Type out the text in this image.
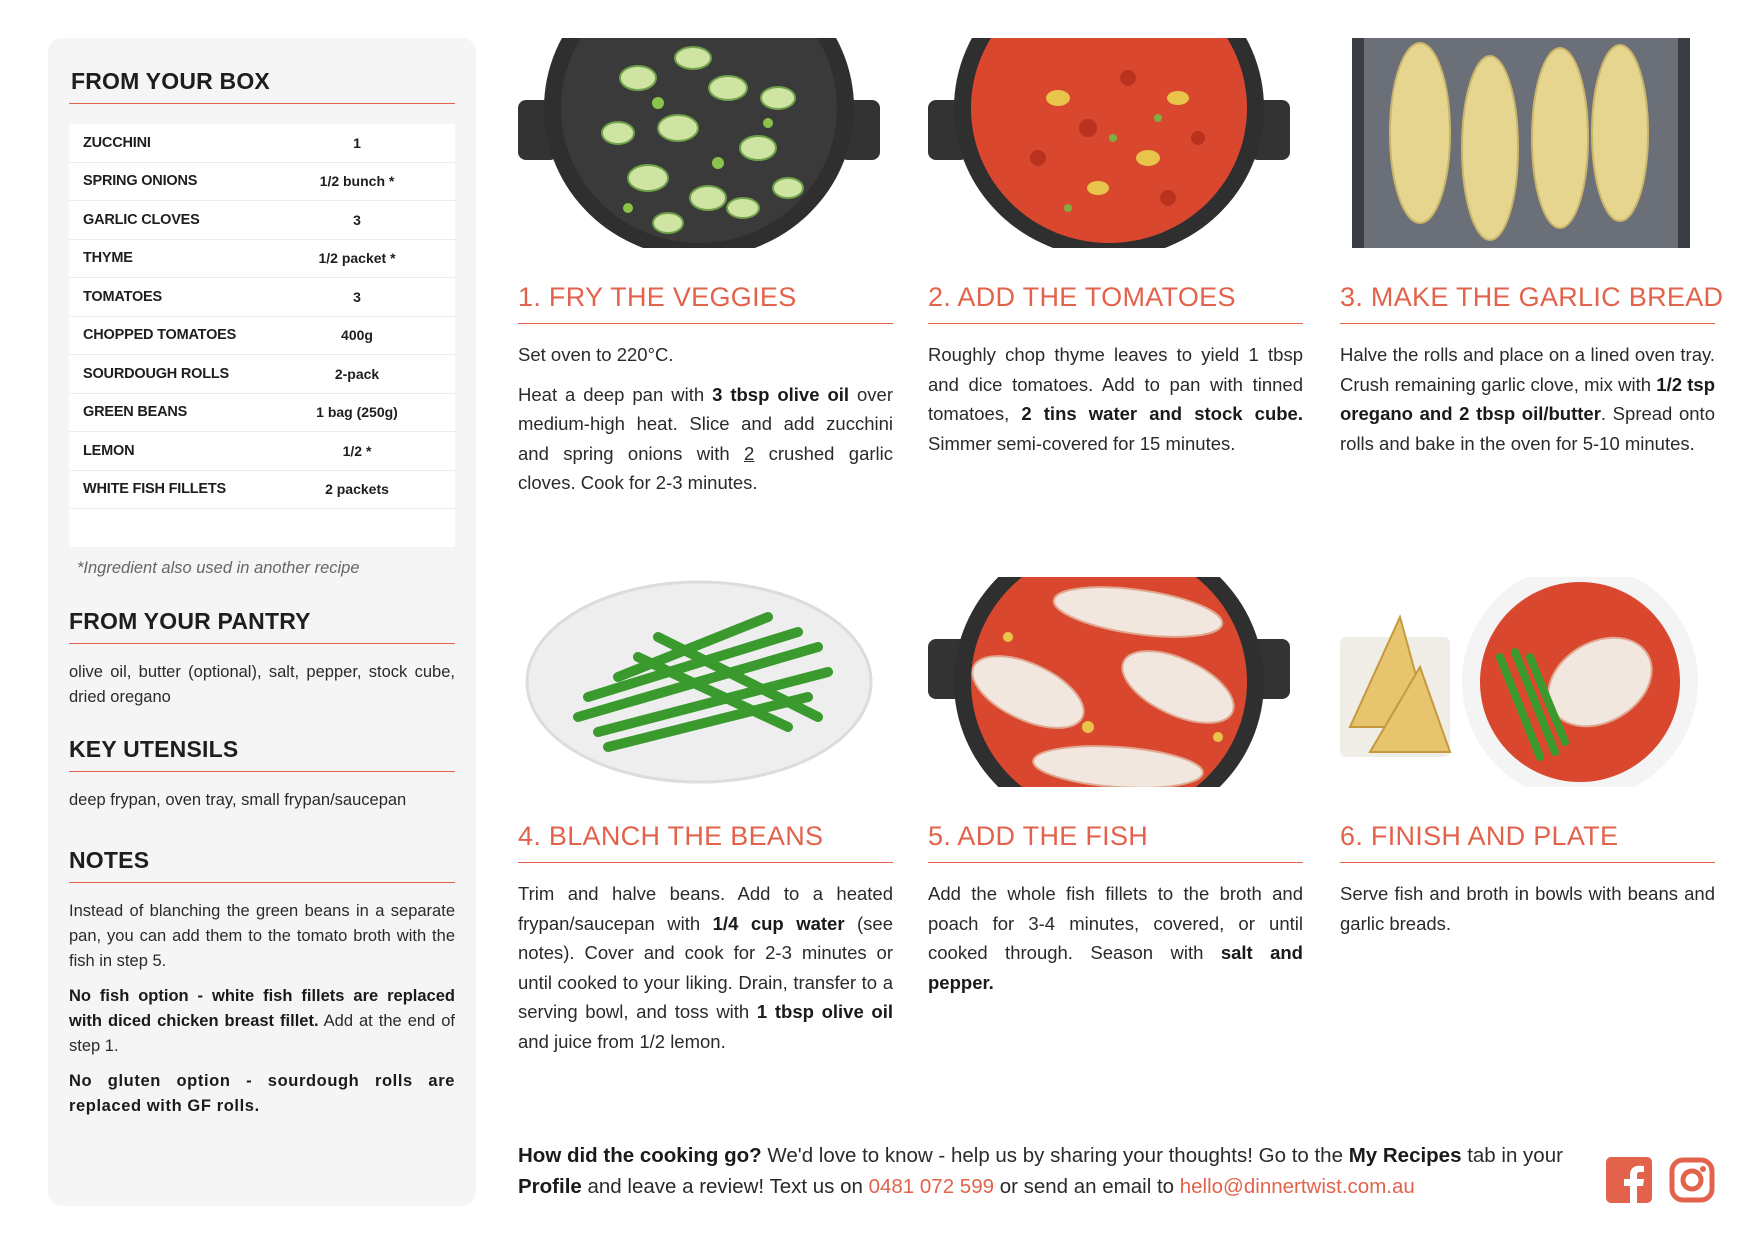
FROM YOUR BOX
ZUCCHINI	1
SPRING ONIONS	1/2 bunch *
GARLIC CLOVES	3
THYME	1/2 packet *
TOMATOES	3
CHOPPED TOMATOES	400g
SOURDOUGH ROLLS	2-pack
GREEN BEANS	1 bag (250g)
LEMON	1/2 *
WHITE FISH FILLETS	2 packets
*Ingredient also used in another recipe
FROM YOUR PANTRY
olive oil, butter (optional), salt, pepper, stock cube, dried oregano
KEY UTENSILS
deep frypan, oven tray, small frypan/saucepan
NOTES

Instead of blanching the green beans in a separate pan, you can add them to the tomato broth with the fish in step 5.

No fish option - white fish fillets are replaced with diced chicken breast fillet. Add at the end of step 1.

No gluten option - sourdough rolls are replaced with GF rolls.

1. FRY THE VEGGIES

Set oven to 220°C.

Heat a deep pan with 3 tbsp olive oil over medium-high heat. Slice and add zucchini and spring onions with 2 crushed garlic cloves. Cook for 2-3 minutes.

2. ADD THE TOMATOES

Roughly chop thyme leaves to yield 1 tbsp and dice tomatoes. Add to pan with tinned tomatoes, 2 tins water and stock cube. Simmer semi-covered for 15 minutes.

3. MAKE THE GARLIC BREAD

Halve the rolls and place on a lined oven tray. Crush remaining garlic clove, mix with 1/2 tsp oregano and 2 tbsp oil/butter. Spread onto rolls and bake in the oven for 5-10 minutes.

4. BLANCH THE BEANS

Trim and halve beans. Add to a heated frypan/saucepan with 1/4 cup water (see notes). Cover and cook for 2-3 minutes or until cooked to your liking. Drain, transfer to a serving bowl, and toss with 1 tbsp olive oil and juice from 1/2 lemon.

5. ADD THE FISH

Add the whole fish fillets to the broth and poach for 3-4 minutes, covered, or until cooked through. Season with salt and pepper.

6. FINISH AND PLATE

Serve fish and broth in bowls with beans and garlic breads.

How did the cooking go? We'd love to know - help us by sharing your thoughts! Go to the My Recipes tab in your Profile and leave a review! Text us on 0481 072 599 or send an email to hello@dinnertwist.com.au
